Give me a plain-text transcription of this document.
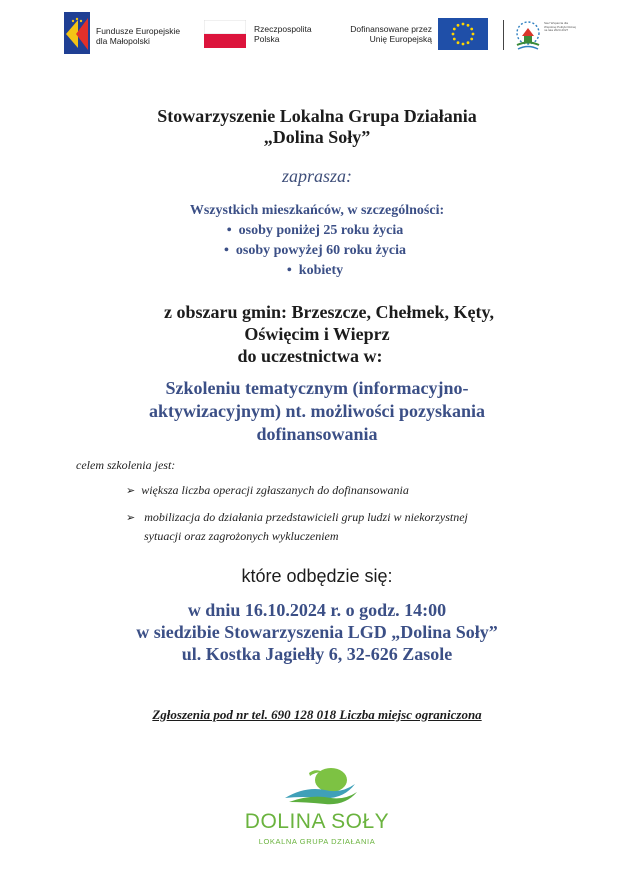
Fundusze Europejskie
dla Małopolski
Rzeczpospolita
Polska
Dofinansowane przez
Unię Europejską
Sieć Wsparcia dla Wspólnej Polityki Rolnej na lata 2023-2027
Stowarzyszenie Lokalna Grupa Działania
„Dolina Soły”
zaprasza:
Wszystkich mieszkańców, w szczególności:
•  osoby poniżej 25 roku życia
•  osoby powyżej 60 roku życia
•  kobiety
z obszaru gmin: Brzeszcze, Chełmek, Kęty,
Oświęcim i Wieprz
do uczestnictwa w:
Szkoleniu tematycznym (informacyjno-
aktywizacyjnym) nt. możliwości pozyskania
dofinansowania
celem szkolenia jest:
➢ większa liczba operacji zgłaszanych do dofinansowania
➢ mobilizacja do działania przedstawicieli grup ludzi w niekorzystnej
sytuacji oraz zagrożonych wykluczeniem
które odbędzie się:
w dniu 16.10.2024 r. o godz. 14:00
w siedzibie Stowarzyszenia LGD „Dolina Soły”
ul. Kostka Jagiełły 6, 32-626 Zasole
Zgłoszenia pod nr tel. 690 128 018 Liczba miejsc ograniczona
DOLINA SOŁY
LOKALNA GRUPA DZIAŁANIA
